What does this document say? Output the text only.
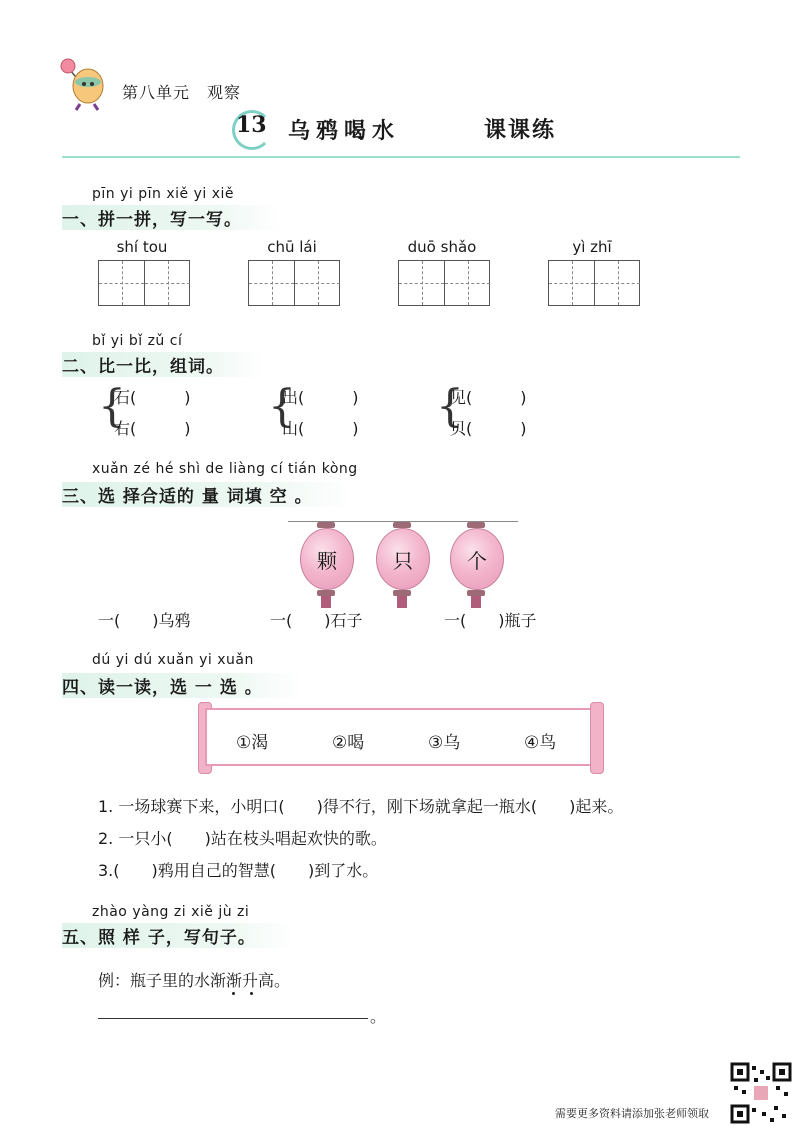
第八单元　观察
13 乌鸦喝水	课课练
pīn yi pīn xiě yi xiě
一、拼一拼，写一写。
shí tou	chū lái	duō shǎo	yì zhī
bǐ yi bǐ zǔ cí
二、比一比，组词。
{
石(　　　)
右(　　　) {
出(　　　)
山(　　　) {
见(　　　)
贝(　　　)
xuǎn zé hé shì de liàng cí tián kòng
三、选 择合适的 量 词填 空 。
颗	只	个
一(　　)乌鸦	一(　　)石子	一(　　)瓶子
dú yi dú xuǎn yi xuǎn
四、读一读，选 一 选 。
①渴	②喝	③乌	④鸟
1. 一场球赛下来，小明口(　　)得不行，刚下场就拿起一瓶水(　　)起来。
2. 一只小(　　)站在枝头唱起欢快的歌。
3.(　　)鸦用自己的智慧(　　)到了水。
zhào yàng zi xiě jù zi
五、照 样 子，写句子。
例：瓶子里的水渐渐升高。
。
需要更多资料请添加张老师领取
